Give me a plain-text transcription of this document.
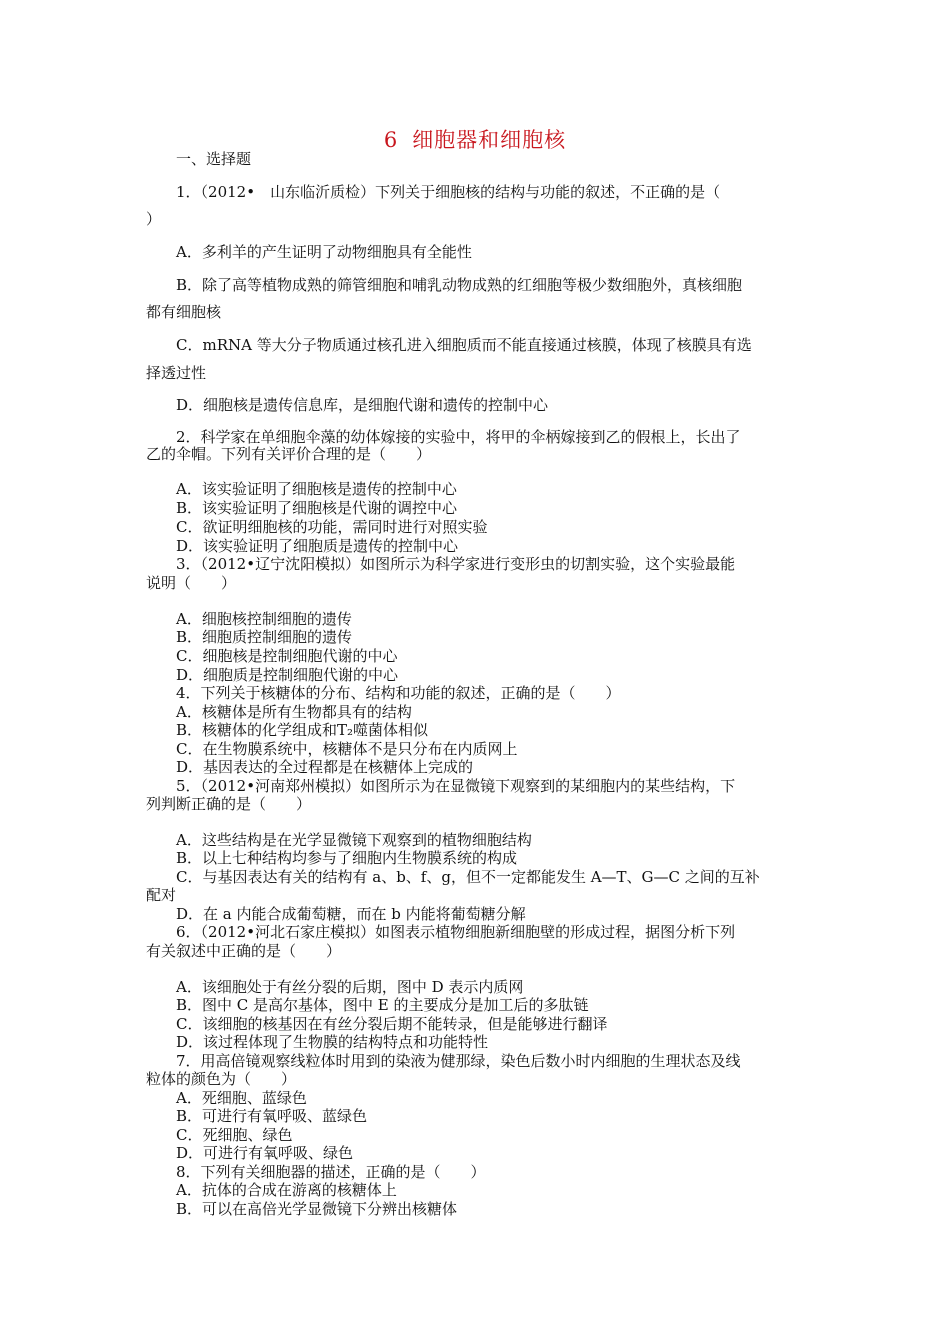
6 细胞器和细胞核
一、选择题
1．（2012•　山东临沂质检）下列关于细胞核的结构与功能的叙述，不正确的是（
）
A．多利羊的产生证明了动物细胞具有全能性
B．除了高等植物成熟的筛管细胞和哺乳动物成熟的红细胞等极少数细胞外，真核细胞
都有细胞核
C．mRNA 等大分子物质通过核孔进入细胞质而不能直接通过核膜，体现了核膜具有选
择透过性
D．细胞核是遗传信息库，是细胞代谢和遗传的控制中心
2．科学家在单细胞伞藻的幼体嫁接的实验中，将甲的伞柄嫁接到乙的假根上，长出了
乙的伞帽。下列有关评价合理的是（　　）
A．该实验证明了细胞核是遗传的控制中心
B．该实验证明了细胞核是代谢的调控中心
C．欲证明细胞核的功能，需同时进行对照实验
D．该实验证明了细胞质是遗传的控制中心
3．（2012•辽宁沈阳模拟）如图所示为科学家进行变形虫的切割实验，这个实验最能
说明（　　）
A．细胞核控制细胞的遗传
B．细胞质控制细胞的遗传
C．细胞核是控制细胞代谢的中心
D．细胞质是控制细胞代谢的中心
4．下列关于核糖体的分布、结构和功能的叙述，正确的是（　　）
A．核糖体是所有生物都具有的结构
B．核糖体的化学组成和T₂噬菌体相似
C．在生物膜系统中，核糖体不是只分布在内质网上
D．基因表达的全过程都是在核糖体上完成的
5．（2012•河南郑州模拟）如图所示为在显微镜下观察到的某细胞内的某些结构，下
列判断正确的是（　　）
A．这些结构是在光学显微镜下观察到的植物细胞结构
B．以上七种结构均参与了细胞内生物膜系统的构成
C．与基因表达有关的结构有 a、b、f、g，但不一定都能发生 A—T、G—C 之间的互补
配对
D．在 a 内能合成葡萄糖，而在 b 内能将葡萄糖分解
6．（2012•河北石家庄模拟）如图表示植物细胞新细胞壁的形成过程，据图分析下列
有关叙述中正确的是（　　）
A．该细胞处于有丝分裂的后期，图中 D 表示内质网
B．图中 C 是高尔基体，图中 E 的主要成分是加工后的多肽链
C．该细胞的核基因在有丝分裂后期不能转录，但是能够进行翻译
D．该过程体现了生物膜的结构特点和功能特性
7．用高倍镜观察线粒体时用到的染液为健那绿，染色后数小时内细胞的生理状态及线
粒体的颜色为（　　）
A．死细胞、蓝绿色
B．可进行有氧呼吸、蓝绿色
C．死细胞、绿色
D．可进行有氧呼吸、绿色
8．下列有关细胞器的描述，正确的是（　　）
A．抗体的合成在游离的核糖体上
B．可以在高倍光学显微镜下分辨出核糖体
